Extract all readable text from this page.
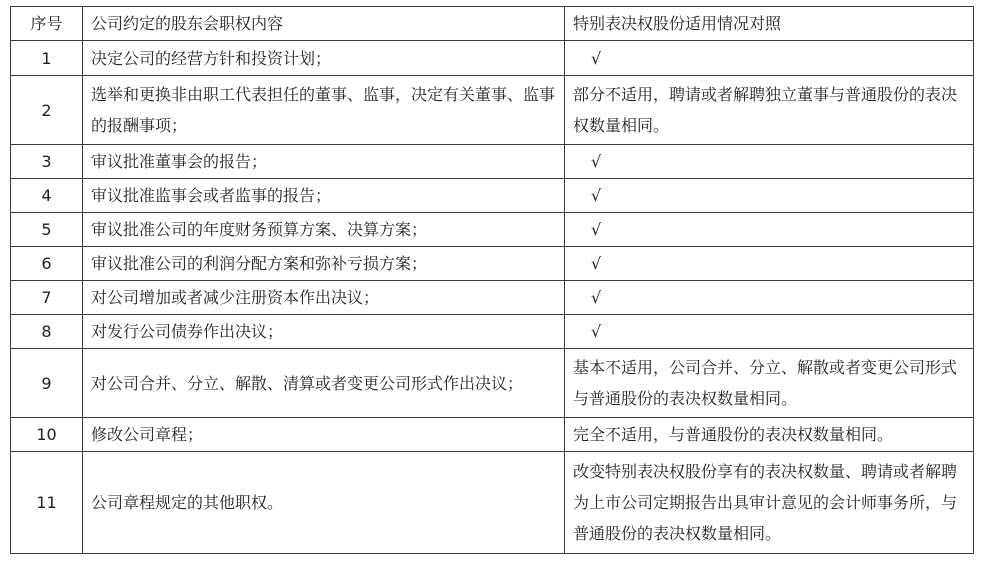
序号	公司约定的股东会职权内容	特别表决权股份适用情况对照
1	决定公司的经营方针和投资计划；	√
2	选举和更换非由职工代表担任的董事、监事，决定有关董事、监事的报酬事项；	部分不适用，聘请或者解聘独立董事与普通股份的表决权数量相同。
3	审议批准董事会的报告；	√
4	审议批准监事会或者监事的报告；	√
5	审议批准公司的年度财务预算方案、决算方案；	√
6	审议批准公司的利润分配方案和弥补亏损方案；	√
7	对公司增加或者减少注册资本作出决议；	√
8	对发行公司债券作出决议；	√
9	对公司合并、分立、解散、清算或者变更公司形式作出决议；	基本不适用，公司合并、分立、解散或者变更公司形式与普通股份的表决权数量相同。
10	修改公司章程；	完全不适用，与普通股份的表决权数量相同。
11	公司章程规定的其他职权。	改变特别表决权股份享有的表决权数量、聘请或者解聘为上市公司定期报告出具审计意见的会计师事务所，与普通股份的表决权数量相同。
